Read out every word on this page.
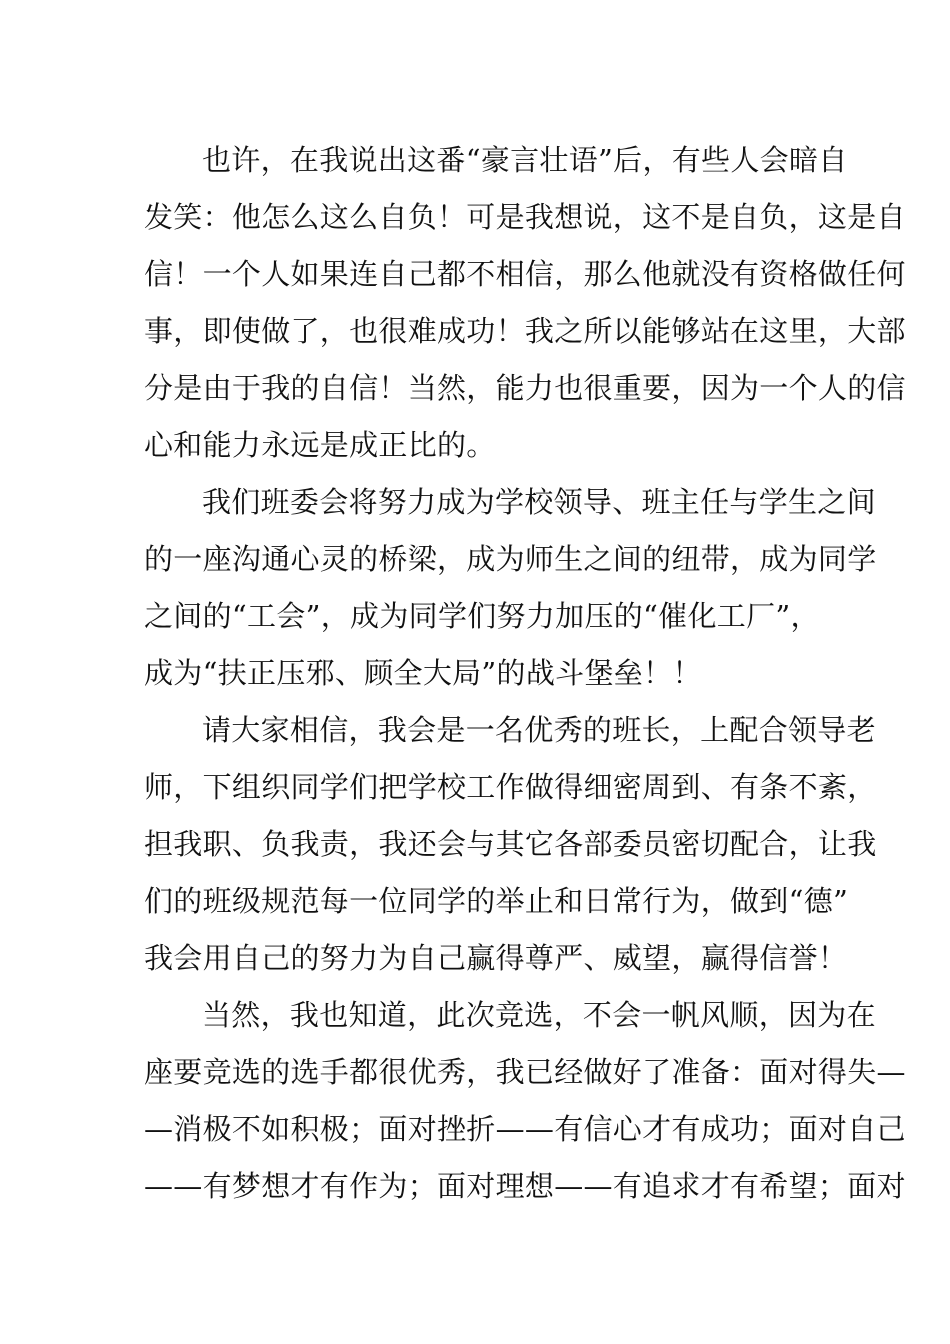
也许，在我说出这番“豪言壮语”后，有些人会暗自
发笑：他怎么这么自负！可是我想说，这不是自负，这是自
信！一个人如果连自己都不相信，那么他就没有资格做任何
事，即使做了，也很难成功！我之所以能够站在这里，大部
分是由于我的自信！当然，能力也很重要，因为一个人的信
心和能力永远是成正比的。
我们班委会将努力成为学校领导、班主任与学生之间
的一座沟通心灵的桥梁，成为师生之间的纽带，成为同学
之间的“工会”，成为同学们努力加压的“催化工厂”，
成为“扶正压邪、顾全大局”的战斗堡垒！！
请大家相信，我会是一名优秀的班长，上配合领导老
师，下组织同学们把学校工作做得细密周到、有条不紊，
担我职、负我责，我还会与其它各部委员密切配合，让我
们的班级规范每一位同学的举止和日常行为，做到“德”
我会用自己的努力为自己赢得尊严、威望，赢得信誉！
当然，我也知道，此次竞选，不会一帆风顺，因为在
座要竞选的选手都很优秀，我已经做好了准备：面对得失—
—消极不如积极；面对挫折——有信心才有成功；面对自己
——有梦想才有作为；面对理想——有追求才有希望；面对
